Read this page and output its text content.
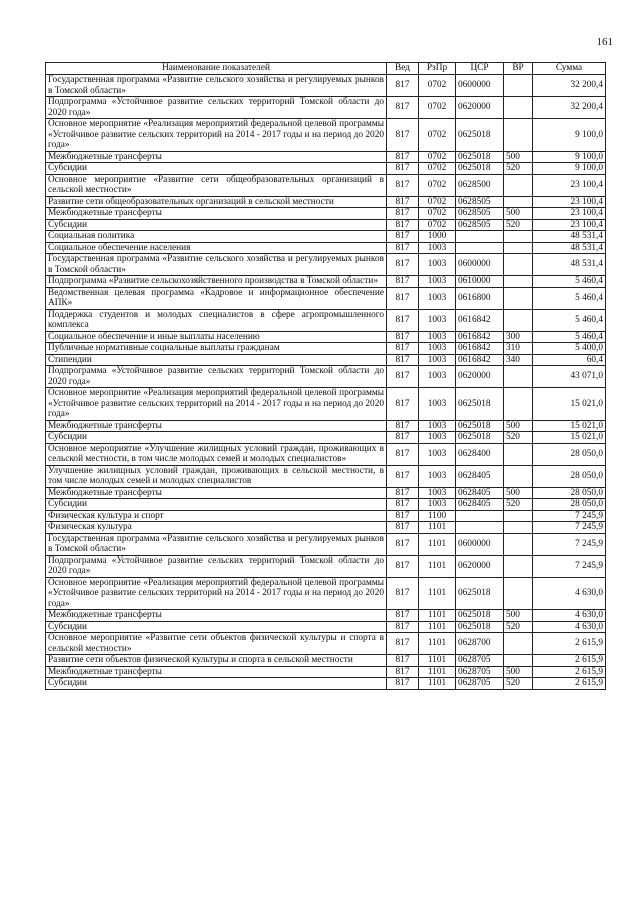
161
Наименование показателей	Вед	РзПр	ЦСР	ВР	Сумма
Государственная программа «Развитие сельского хозяйства и регулируемых рынков в Томской области»	817	0702	0600000		32 200,4
Подпрограмма «Устойчивое развитие сельских территорий Томской области до 2020 года»	817	0702	0620000		32 200,4
Основное мероприятие «Реализация мероприятий федеральной целевой программы «Устойчивое развитие сельских территорий на 2014 - 2017 годы и на период до 2020 года»	817	0702	0625018		9 100,0
Межбюджетные трансферты	817	0702	0625018	500	9 100,0
Субсидии	817	0702	0625018	520	9 100,0
Основное мероприятие «Развитие сети общеобразовательных организаций в сельской местности»	817	0702	0628500		23 100,4
Развитие сети общеобразовательных организаций в сельской местности	817	0702	0628505		23 100,4
Межбюджетные трансферты	817	0702	0628505	500	23 100,4
Субсидии	817	0702	0628505	520	23 100,4
Социальная политика	817	1000			48 531,4
Социальное обеспечение населения	817	1003			48 531,4
Государственная программа «Развитие сельского хозяйства и регулируемых рынков в Томской области»	817	1003	0600000		48 531,4
Подпрограмма «Развитие сельскохозяйственного производства в Томской области»	817	1003	0610000		5 460,4
Ведомственная целевая программа «Кадровое и информационное обеспечение АПК»	817	1003	0616800		5 460,4
Поддержка студентов и молодых специалистов в сфере агропромышленного комплекса	817	1003	0616842		5 460,4
Социальное обеспечение и иные выплаты населению	817	1003	0616842	300	5 460,4
Публичные нормативные социальные выплаты гражданам	817	1003	0616842	310	5 400,0
Стипендии	817	1003	0616842	340	60,4
Подпрограмма «Устойчивое развитие сельских территорий Томской области до 2020 года»	817	1003	0620000		43 071,0
Основное мероприятие «Реализация мероприятий федеральной целевой программы «Устойчивое развитие сельских территорий на 2014 - 2017 годы и на период до 2020 года»	817	1003	0625018		15 021,0
Межбюджетные трансферты	817	1003	0625018	500	15 021,0
Субсидии	817	1003	0625018	520	15 021,0
Основное мероприятие «Улучшение жилищных условий граждан, проживающих в сельской местности, в том числе молодых семей и молодых специалистов»	817	1003	0628400		28 050,0
Улучшение жилищных условий граждан, проживающих в сельской местности, в том числе молодых семей и молодых специалистов	817	1003	0628405		28 050,0
Межбюджетные трансферты	817	1003	0628405	500	28 050,0
Субсидии	817	1003	0628405	520	28 050,0
Физическая культура и спорт	817	1100			7 245,9
Физическая культура	817	1101			7 245,9
Государственная программа «Развитие сельского хозяйства и регулируемых рынков в Томской области»	817	1101	0600000		7 245,9
Подпрограмма «Устойчивое развитие сельских территорий Томской области до 2020 года»	817	1101	0620000		7 245,9
Основное мероприятие «Реализация мероприятий федеральной целевой программы «Устойчивое развитие сельских территорий на 2014 - 2017 годы и на период до 2020 года»	817	1101	0625018		4 630,0
Межбюджетные трансферты	817	1101	0625018	500	4 630,0
Субсидии	817	1101	0625018	520	4 630,0
Основное мероприятие «Развитие сети объектов физической культуры и спорта в сельской местности»	817	1101	0628700		2 615,9
Развитие сети объектов физической культуры и спорта в сельской местности	817	1101	0628705		2 615,9
Межбюджетные трансферты	817	1101	0628705	500	2 615,9
Субсидии	817	1101	0628705	520	2 615,9
